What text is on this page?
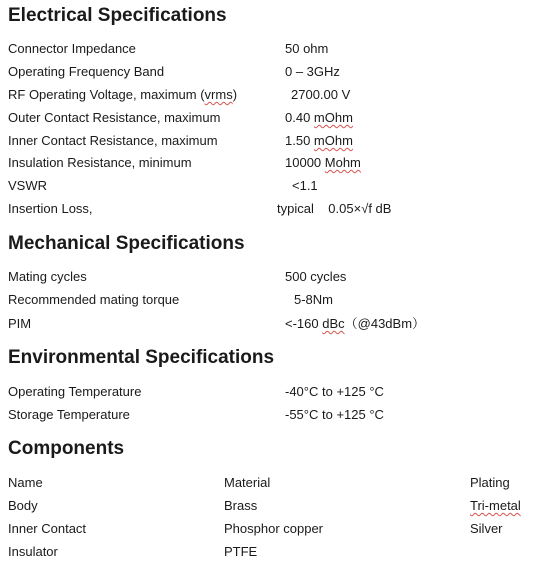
Electrical Specifications
Connector Impedance	50 ohm
Operating Frequency Band	0 – 3GHz
RF Operating Voltage, maximum (vrms)	2700.00 V
Outer Contact Resistance, maximum	0.40 mOhm
Inner Contact Resistance, maximum	1.50 mOhm
Insulation Resistance, minimum	10000 Mohm
VSWR	<1.1
Insertion Loss,	typical    0.05×√f dB
Mechanical Specifications
Mating cycles	500 cycles
Recommended mating torque	5-8Nm
PIM	<-160 dBc（@43dBm）
Environmental Specifications
Operating Temperature	-40°C to +125 °C
Storage Temperature	-55°C to +125 °C
Components
Name	Material	Plating
Body	Brass	Tri-metal
Inner Contact	Phosphor copper	Silver
Insulator	PTFE
